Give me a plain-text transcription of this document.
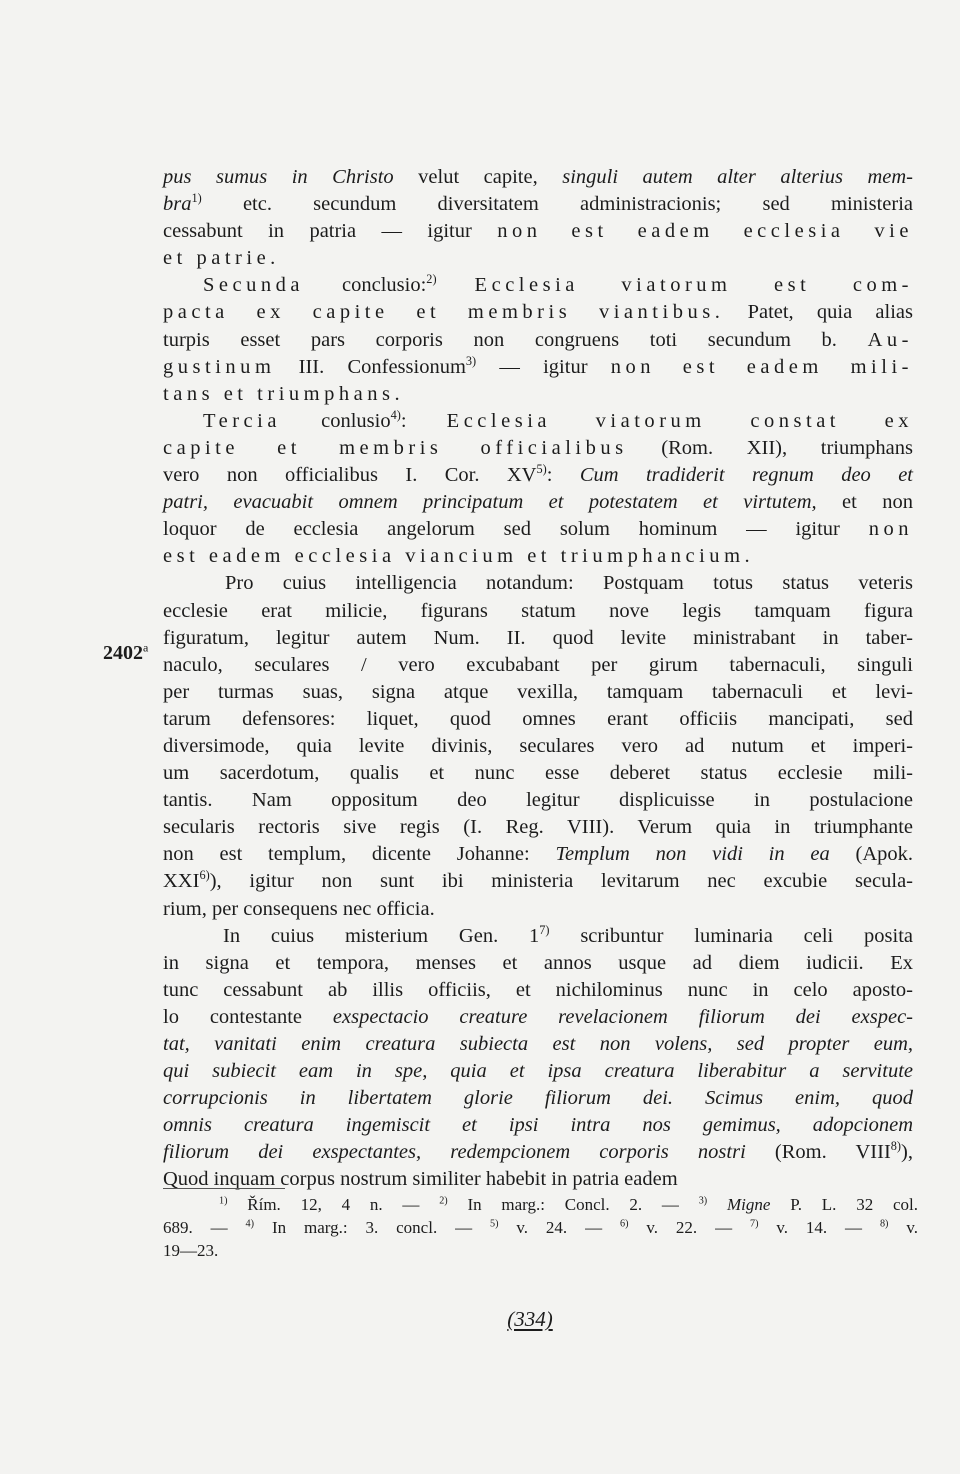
pus sumus in Christo velut capite, singuli autem alter alterius mem-
bra$^{1)}$ etc. secundum diversitatem administracionis; sed ministeria
cessabunt in patria — igitur non est eadem ecclesia vie
et patrie.
Secunda conclusio:$^{2)}$ Ecclesia viatorum est com-
pacta ex capite et membris viantibus. Patet, quia alias
turpis esset pars corporis non congruens toti secundum b. Au-
gustinum III. Confessionum$^{3)}$ — igitur non est eadem mili-
tans et triumphans.
Tercia conlusio$^{4)}$: Ecclesia viatorum constat ex
capite et membris officialibus (Rom. XII), triumphans
vero non officialibus I. Cor. XV$^{5)}$: Cum tradiderit regnum deo et
patri, evacuabit omnem principatum et potestatem et virtutem, et non
loquor de ecclesia angelorum sed solum hominum — igitur non
est eadem ecclesia viancium et triumphancium.
Pro cuius intelligencia notandum: Postquam totus status veteris
ecclesie erat milicie, figurans statum nove legis tamquam figura
figuratum, legitur autem Num. II. quod levite ministrabant in taber-
naculo, seculares / vero excubabant per girum tabernaculi, singuli
per turmas suas, signa atque vexilla, tamquam tabernaculi et levi-
tarum defensores: liquet, quod omnes erant officiis mancipati, sed
diversimode, quia levite divinis, seculares vero ad nutum et imperi-
um sacerdotum, qualis et nunc esse deberet status ecclesie mili-
tantis. Nam oppositum deo legitur displicuisse in postulacione
secularis rectoris sive regis (I. Reg. VIII). Verum quia in triumphante
non est templum, dicente Johanne: Templum non vidi in ea (Apok.
XXI$^{6)}$), igitur non sunt ibi ministeria levitarum nec excubie secula-
rium, per consequens nec officia.
In cuius misterium Gen. 1$^{7)}$ scribuntur luminaria celi posita
in signa et tempora, menses et annos usque ad diem iudicii. Ex
tunc cessabunt ab illis officiis, et nichilominus nunc in celo aposto-
lo contestante exspectacio creature revelacionem filiorum dei exspec-
tat, vanitati enim creatura subiecta est non volens, sed propter eum,
qui subiecit eam in spe, quia et ipsa creatura liberabitur a servitute
corrupcionis in libertatem glorie filiorum dei. Scimus enim, quod
omnis creatura ingemiscit et ipsi intra nos gemimus, adopcionem
filiorum dei exspectantes, redempcionem corporis nostri (Rom. VIII$^{8)}$),
Quod inquam corpus nostrum similiter habebit in patria eadem
2402$^a$
$^{1)}$ Řím. 12, 4 n. — $^{2)}$ In marg.: Concl. 2. — $^{3)}$ Migne P. L. 32 col.
689. — $^{4)}$ In marg.: 3. concl. — $^{5)}$ v. 24. — $^{6)}$ v. 22. — $^{7)}$ v. 14. — $^{8)}$ v.
19—23.
(334)
